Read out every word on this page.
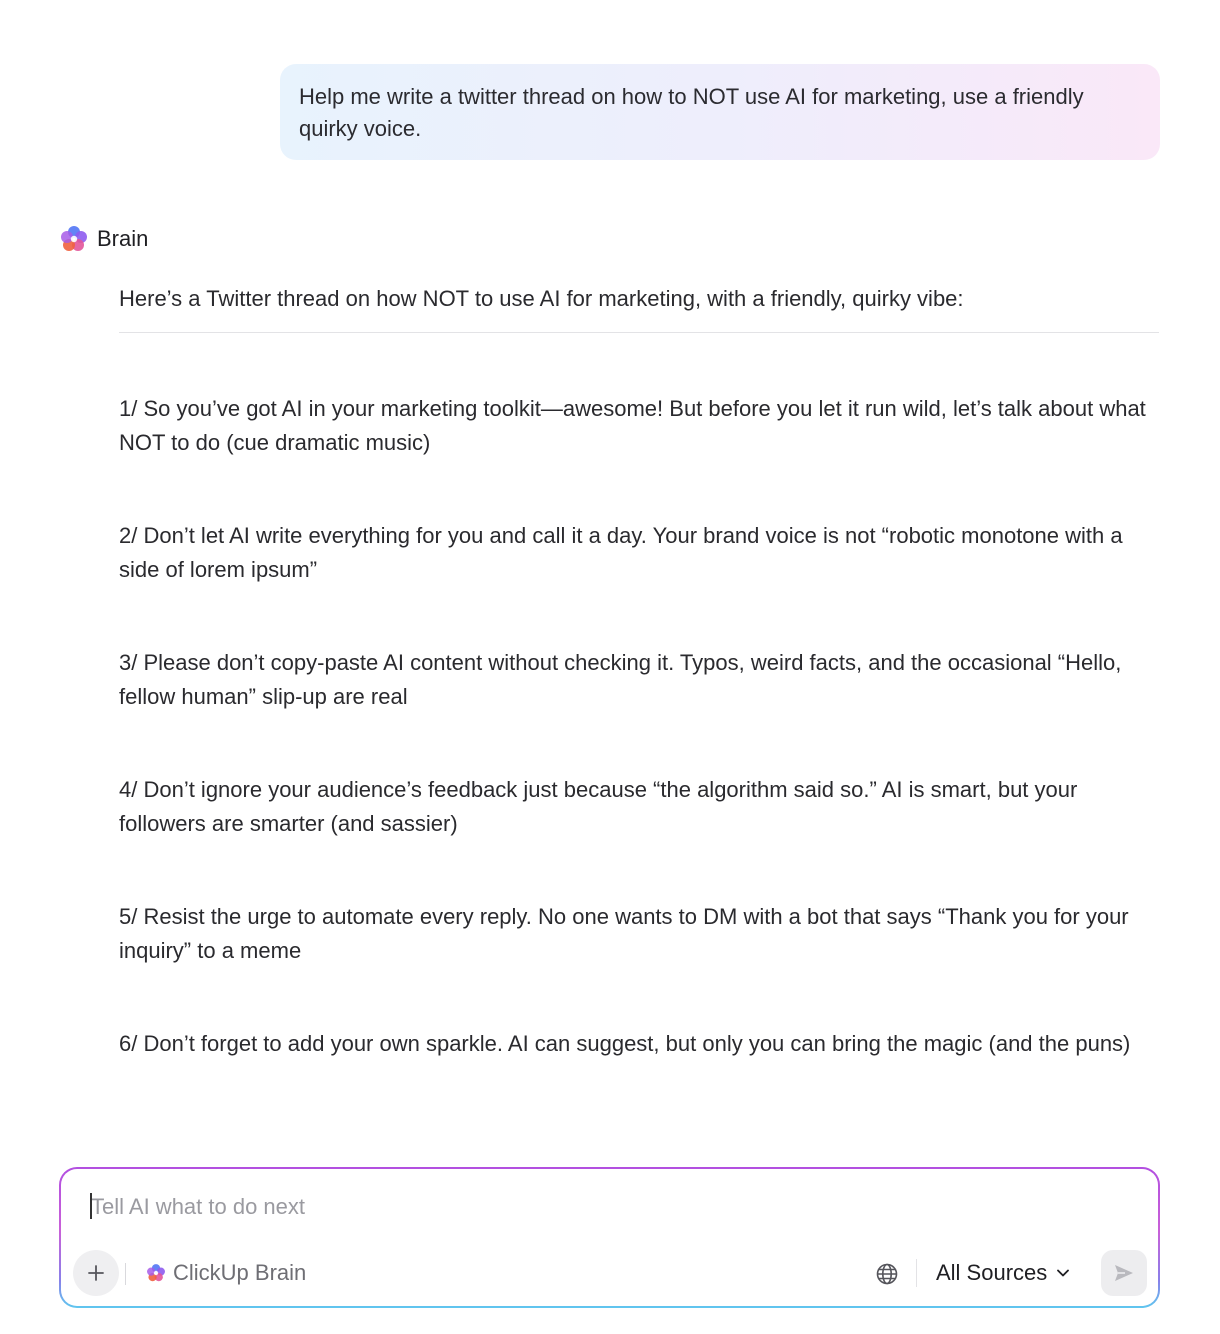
Help me write a twitter thread on how to NOT use AI for marketing, use a friendly quirky voice.
Brain
Here’s a Twitter thread on how NOT to use AI for marketing, with a friendly, quirky vibe:
1/ So you’ve got AI in your marketing toolkit—awesome! But before you let it run wild, let’s talk about what NOT to do (cue dramatic music)
2/ Don’t let AI write everything for you and call it a day. Your brand voice is not “robotic monotone with a side of lorem ipsum”
3/ Please don’t copy-paste AI content without checking it. Typos, weird facts, and the occasional “Hello, fellow human” slip-up are real
4/ Don’t ignore your audience’s feedback just because “the algorithm said so.” AI is smart, but your followers are smarter (and sassier)
5/ Resist the urge to automate every reply. No one wants to DM with a bot that says “Thank you for your inquiry” to a meme
6/ Don’t forget to add your own sparkle. AI can suggest, but only you can bring the magic (and the puns)
Tell AI what to do next
ClickUp Brain	All Sources
